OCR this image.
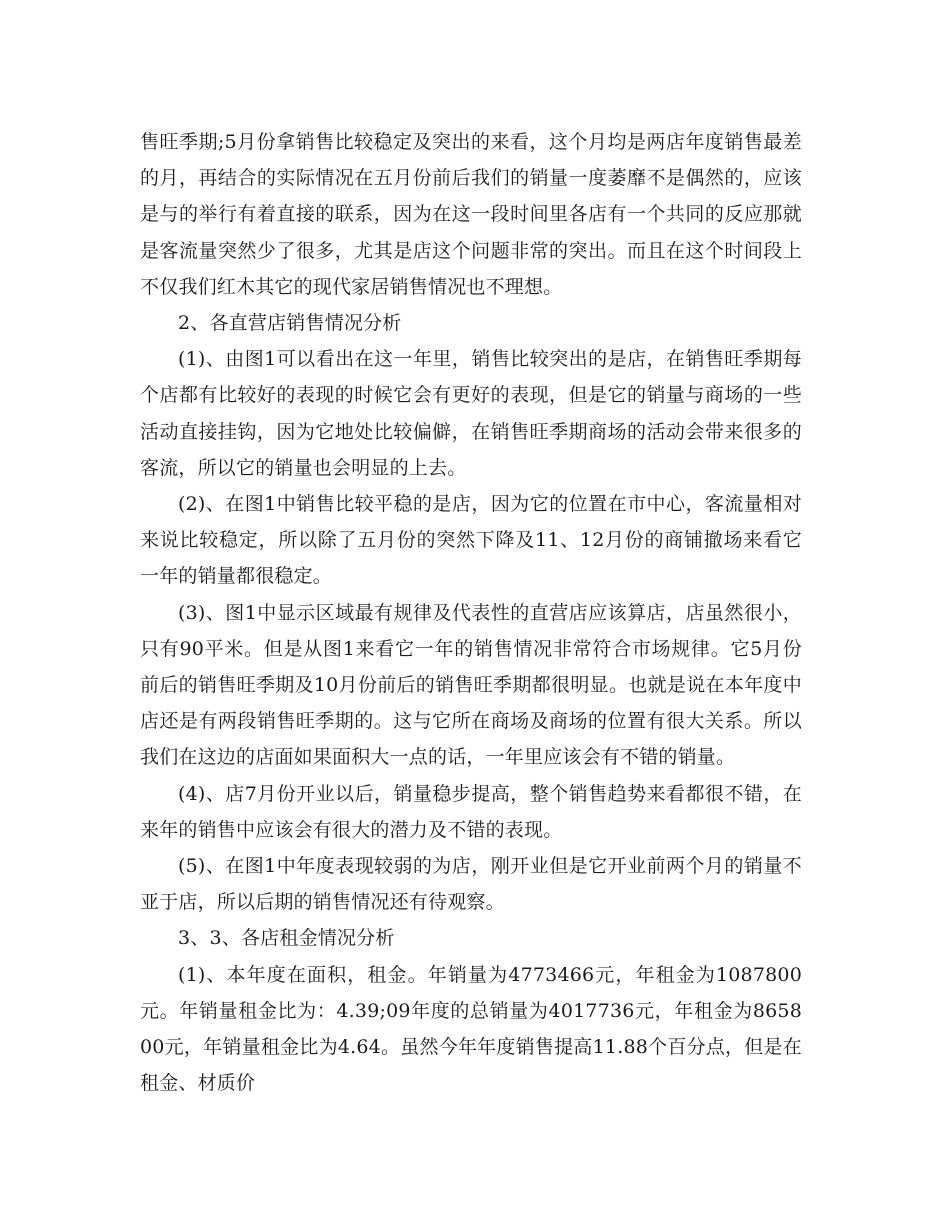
售旺季期;5月份拿销售比较稳定及突出的来看，这个月均是两店年度销售最差的月，再结合的实际情况在五月份前后我们的销量一度萎靡不是偶然的，应该是与的举行有着直接的联系，因为在这一段时间里各店有一个共同的反应那就是客流量突然少了很多，尤其是店这个问题非常的突出。而且在这个时间段上不仅我们红木其它的现代家居销售情况也不理想。

2、各直营店销售情况分析

(1)、由图1可以看出在这一年里，销售比较突出的是店，在销售旺季期每个店都有比较好的表现的时候它会有更好的表现，但是它的销量与商场的一些活动直接挂钩，因为它地处比较偏僻，在销售旺季期商场的活动会带来很多的客流，所以它的销量也会明显的上去。

(2)、在图1中销售比较平稳的是店，因为它的位置在市中心，客流量相对来说比较稳定，所以除了五月份的突然下降及11、12月份的商铺撤场来看它一年的销量都很稳定。

(3)、图1中显示区域最有规律及代表性的直营店应该算店，店虽然很小，只有90平米。但是从图1来看它一年的销售情况非常符合市场规律。它5月份前后的销售旺季期及10月份前后的销售旺季期都很明显。也就是说在本年度中店还是有两段销售旺季期的。这与它所在商场及商场的位置有很大关系。所以我们在这边的店面如果面积大一点的话，一年里应该会有不错的销量。

(4)、店7月份开业以后，销量稳步提高，整个销售趋势来看都很不错，在来年的销售中应该会有很大的潜力及不错的表现。

(5)、在图1中年度表现较弱的为店，刚开业但是它开业前两个月的销量不亚于店，所以后期的销售情况还有待观察。

3、3、各店租金情况分析

(1)、本年度在面积，租金。年销量为4773466元，年租金为1087800元。年销量租金比为：4.39;09年度的总销量为4017736元，年租金为865800元，年销量租金比为4.64。虽然今年年度销售提高11.88个百分点，但是在租金、材质价
